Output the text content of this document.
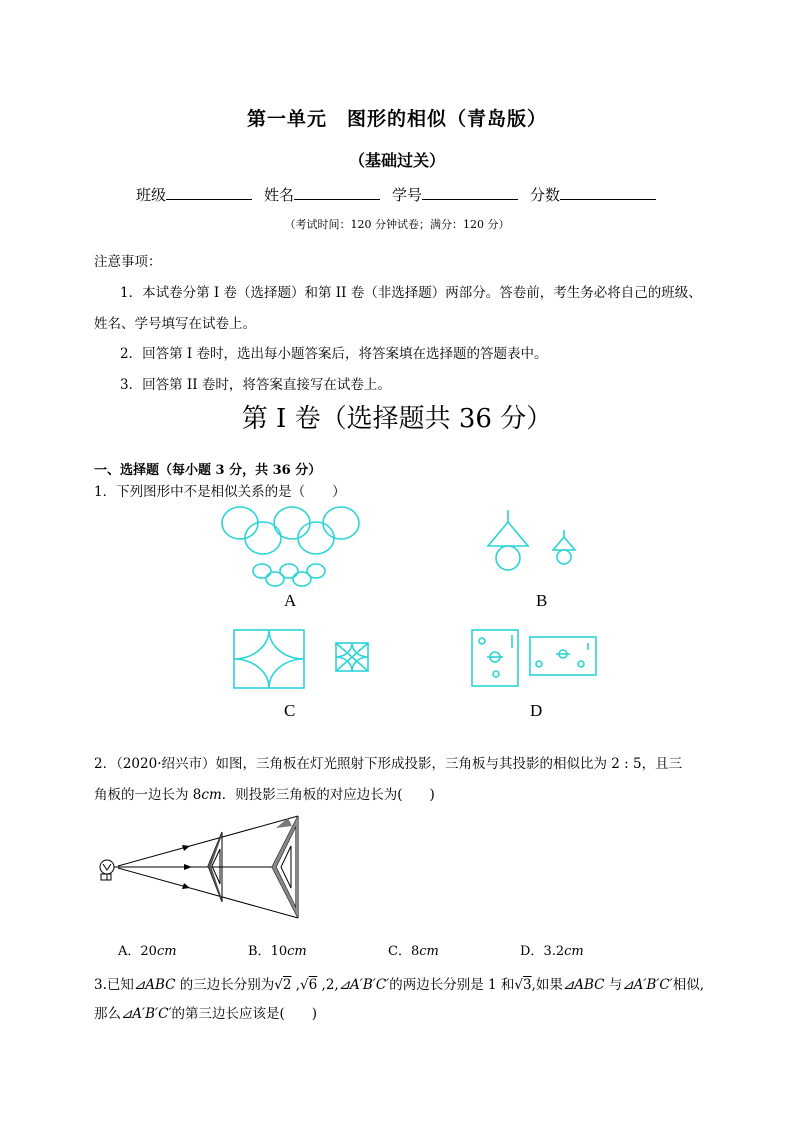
第一单元　图形的相似（青岛版）
（基础过关）
班级	姓名	学号	分数
（考试时间：120 分钟试卷；满分：120 分）
注意事项：
1．本试卷分第 I 卷（选择题）和第 II 卷（非选择题）两部分。答卷前，考生务必将自己的班级、
姓名、学号填写在试卷上。
2．回答第 I 卷时，选出每小题答案后，将答案填在选择题的答题表中。
3．回答第 II 卷时，将答案直接写在试卷上。
第 I 卷（选择题共 36 分）
一、选择题（每小题 3 分，共 36 分）
1．下列图形中不是相似关系的是（　　）
A	B
C	D
2．（2020·绍兴市）如图，三角板在灯光照射下形成投影，三角板与其投影的相似比为 2 : 5，且三
角板的一边长为 8cm．则投影三角板的对应边长为(　　)
A．20cm	B．10cm	C．8cm	D．3.2cm
3.已知⊿ABC 的三边长分别为√2 ,√6 ,2,⊿A′B′C′的两边长分别是 1 和√3,如果⊿ABC 与⊿A′B′C′相似,
那么⊿A′B′C′的第三边长应该是(　　)
